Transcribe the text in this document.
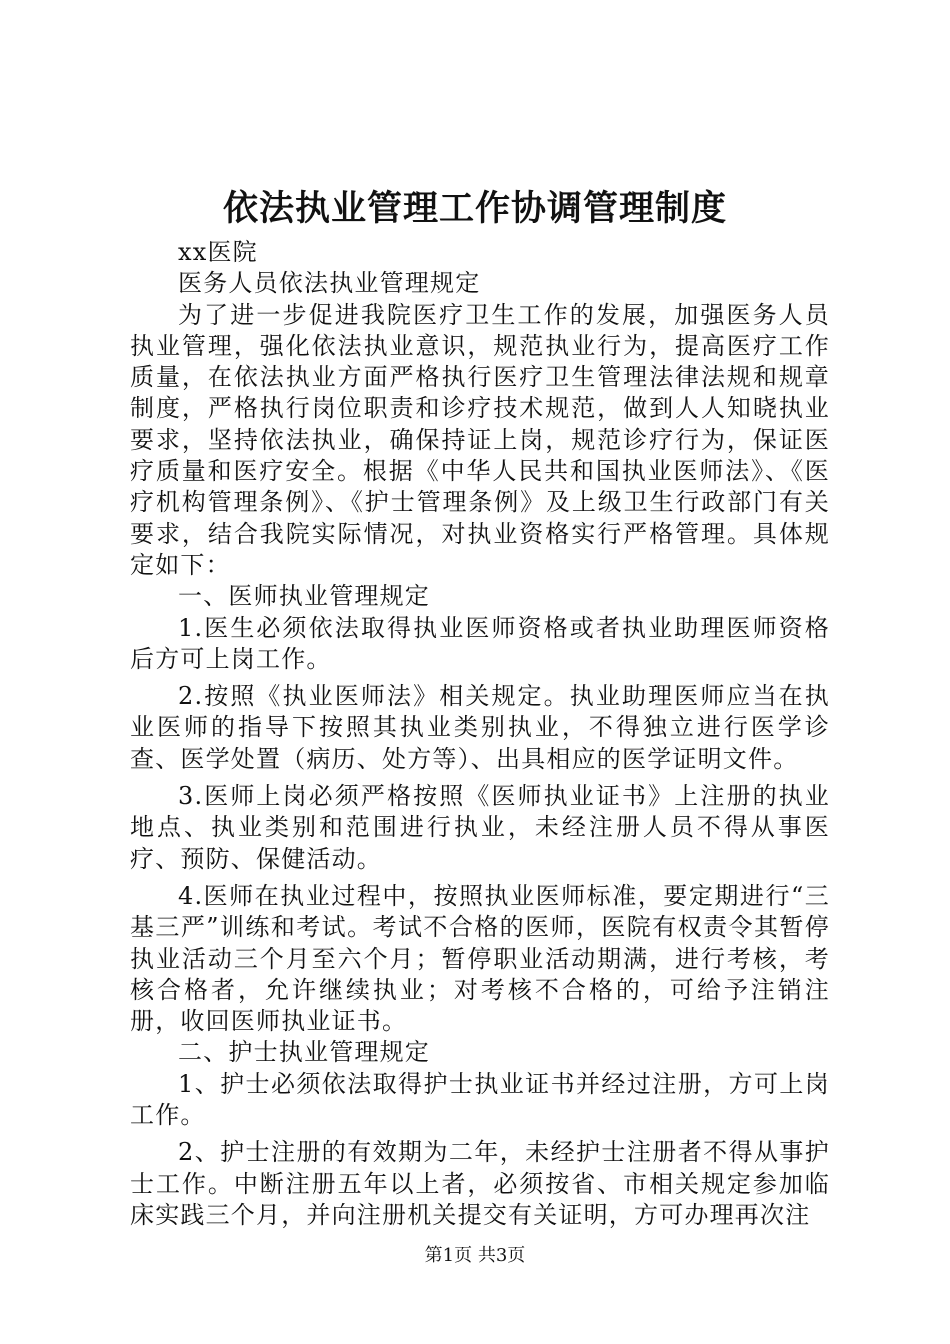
依法执业管理工作协调管理制度

xx医院

医务人员依法执业管理规定

为了进一步促进我院医疗卫生工作的发展，加强医务人员执业管理，强化依法执业意识，规范执业行为，提高医疗工作质量，在依法执业方面严格执行医疗卫生管理法律法规和规章制度，严格执行岗位职责和诊疗技术规范，做到人人知晓执业要求，坚持依法执业，确保持证上岗，规范诊疗行为，保证医疗质量和医疗安全。根据《中华人民共和国执业医师法》、《医疗机构管理条例》、《护士管理条例》及上级卫生行政部门有关要求，结合我院实际情况，对执业资格实行严格管理。具体规定如下：

一、医师执业管理规定

1.医生必须依法取得执业医师资格或者执业助理医师资格后方可上岗工作。

2.按照《执业医师法》相关规定。执业助理医师应当在执业医师的指导下按照其执业类别执业，不得独立进行医学诊查、医学处置（病历、处方等）、出具相应的医学证明文件。

3.医师上岗必须严格按照《医师执业证书》上注册的执业地点、执业类别和范围进行执业，未经注册人员不得从事医疗、预防、保健活动。

4.医师在执业过程中，按照执业医师标准，要定期进行“三基三严”训练和考试。考试不合格的医师，医院有权责令其暂停执业活动三个月至六个月；暂停职业活动期满，进行考核，考核合格者，允许继续执业；对考核不合格的，可给予注销注册，收回医师执业证书。

二、护士执业管理规定

1、护士必须依法取得护士执业证书并经过注册，方可上岗工作。

2、护士注册的有效期为二年，未经护士注册者不得从事护士工作。中断注册五年以上者，必须按省、市相关规定参加临床实践三个月，并向注册机关提交有关证明，方可办理再次注

第1页 共3页
